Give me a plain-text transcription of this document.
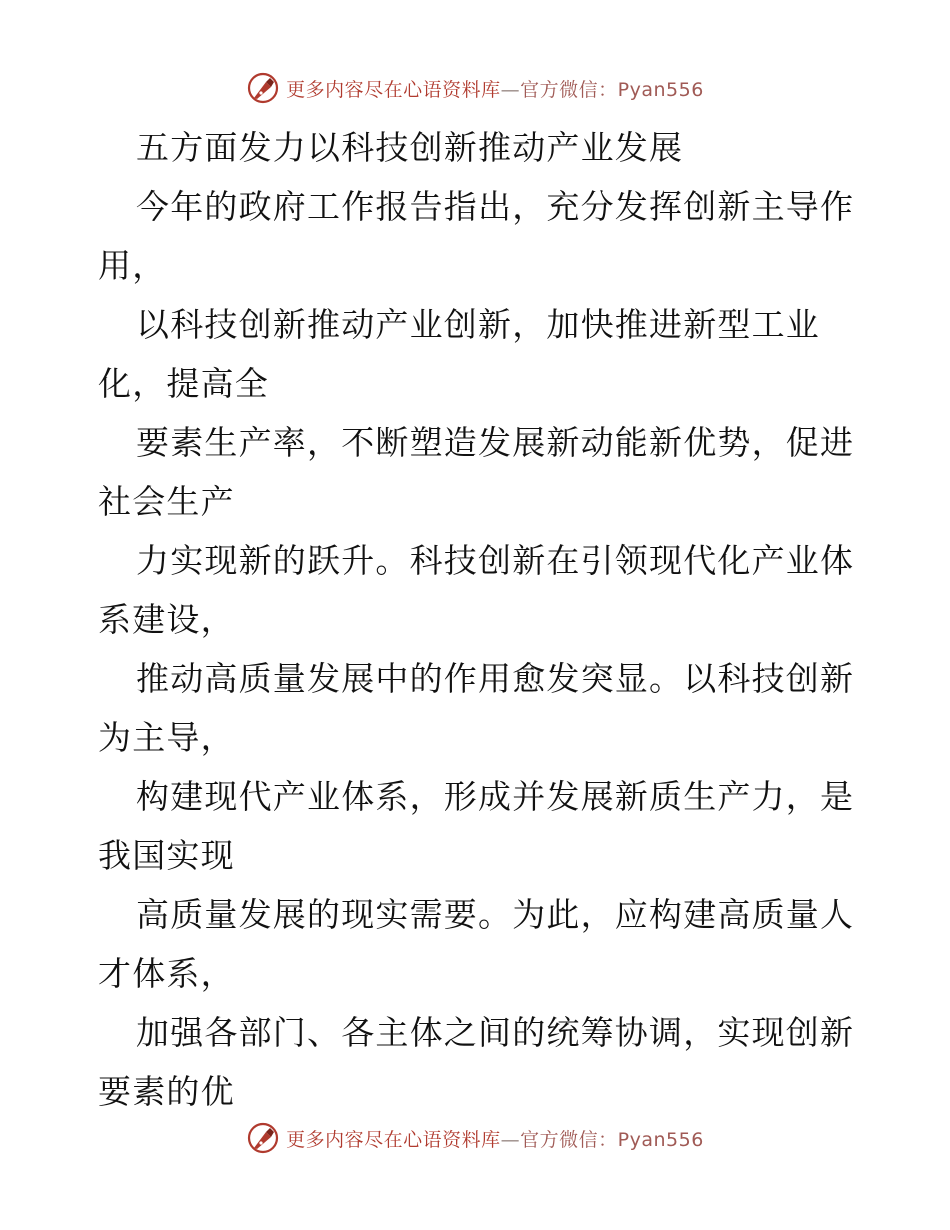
更多内容尽在心语资料库—官方微信：Pyan556
五方面发力以科技创新推动产业发展
今年的政府工作报告指出，充分发挥创新主导作
用，
以科技创新推动产业创新，加快推进新型工业
化，提高全
要素生产率，不断塑造发展新动能新优势，促进
社会生产
力实现新的跃升。科技创新在引领现代化产业体
系建设，
推动高质量发展中的作用愈发突显。以科技创新
为主导，
构建现代产业体系，形成并发展新质生产力，是
我国实现
高质量发展的现实需要。为此，应构建高质量人
才体系，
加强各部门、各主体之间的统筹协调，实现创新
要素的优
更多内容尽在心语资料库—官方微信：Pyan556
